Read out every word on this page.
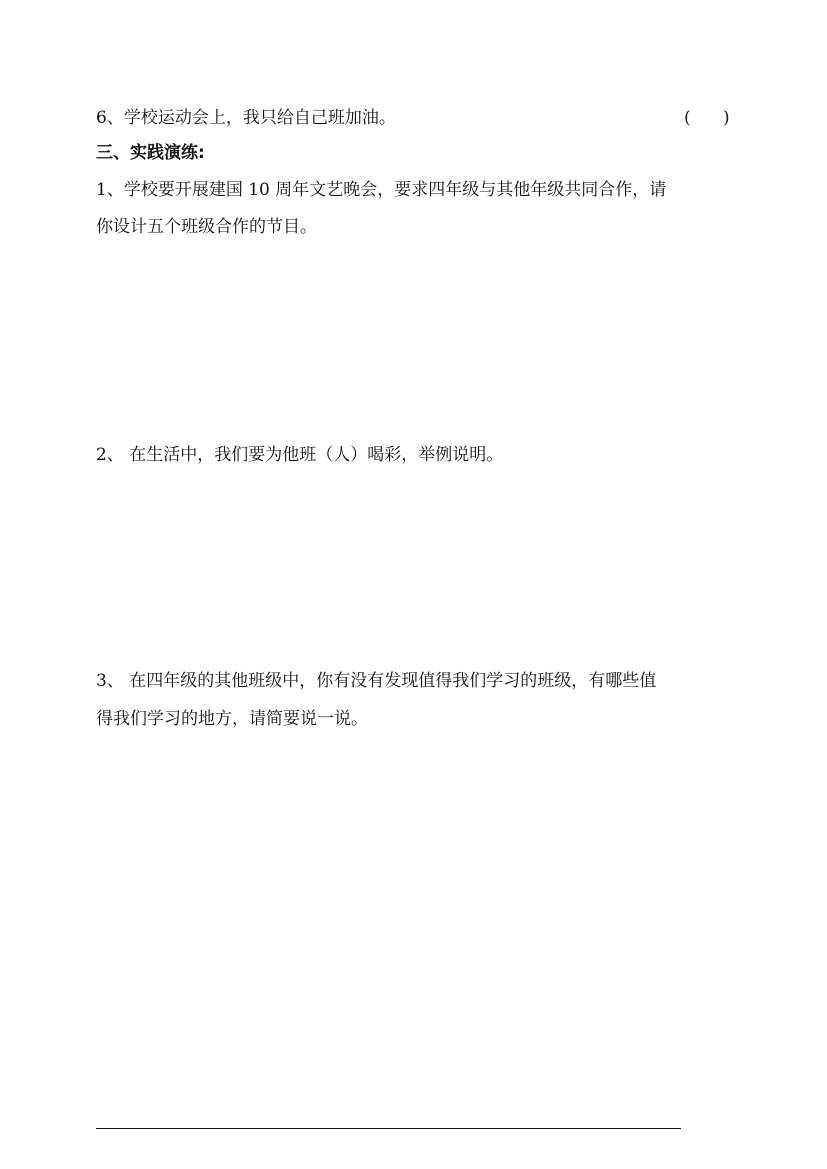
6、学校运动会上，我只给自己班加油。	(      )
三、实践演练:
1、学校要开展建国 10 周年文艺晚会，要求四年级与其他年级共同合作，请
你设计五个班级合作的节目。
2、 在生活中，我们要为他班（人）喝彩，举例说明。
3、 在四年级的其他班级中，你有没有发现值得我们学习的班级，有哪些值
得我们学习的地方，请简要说一说。
